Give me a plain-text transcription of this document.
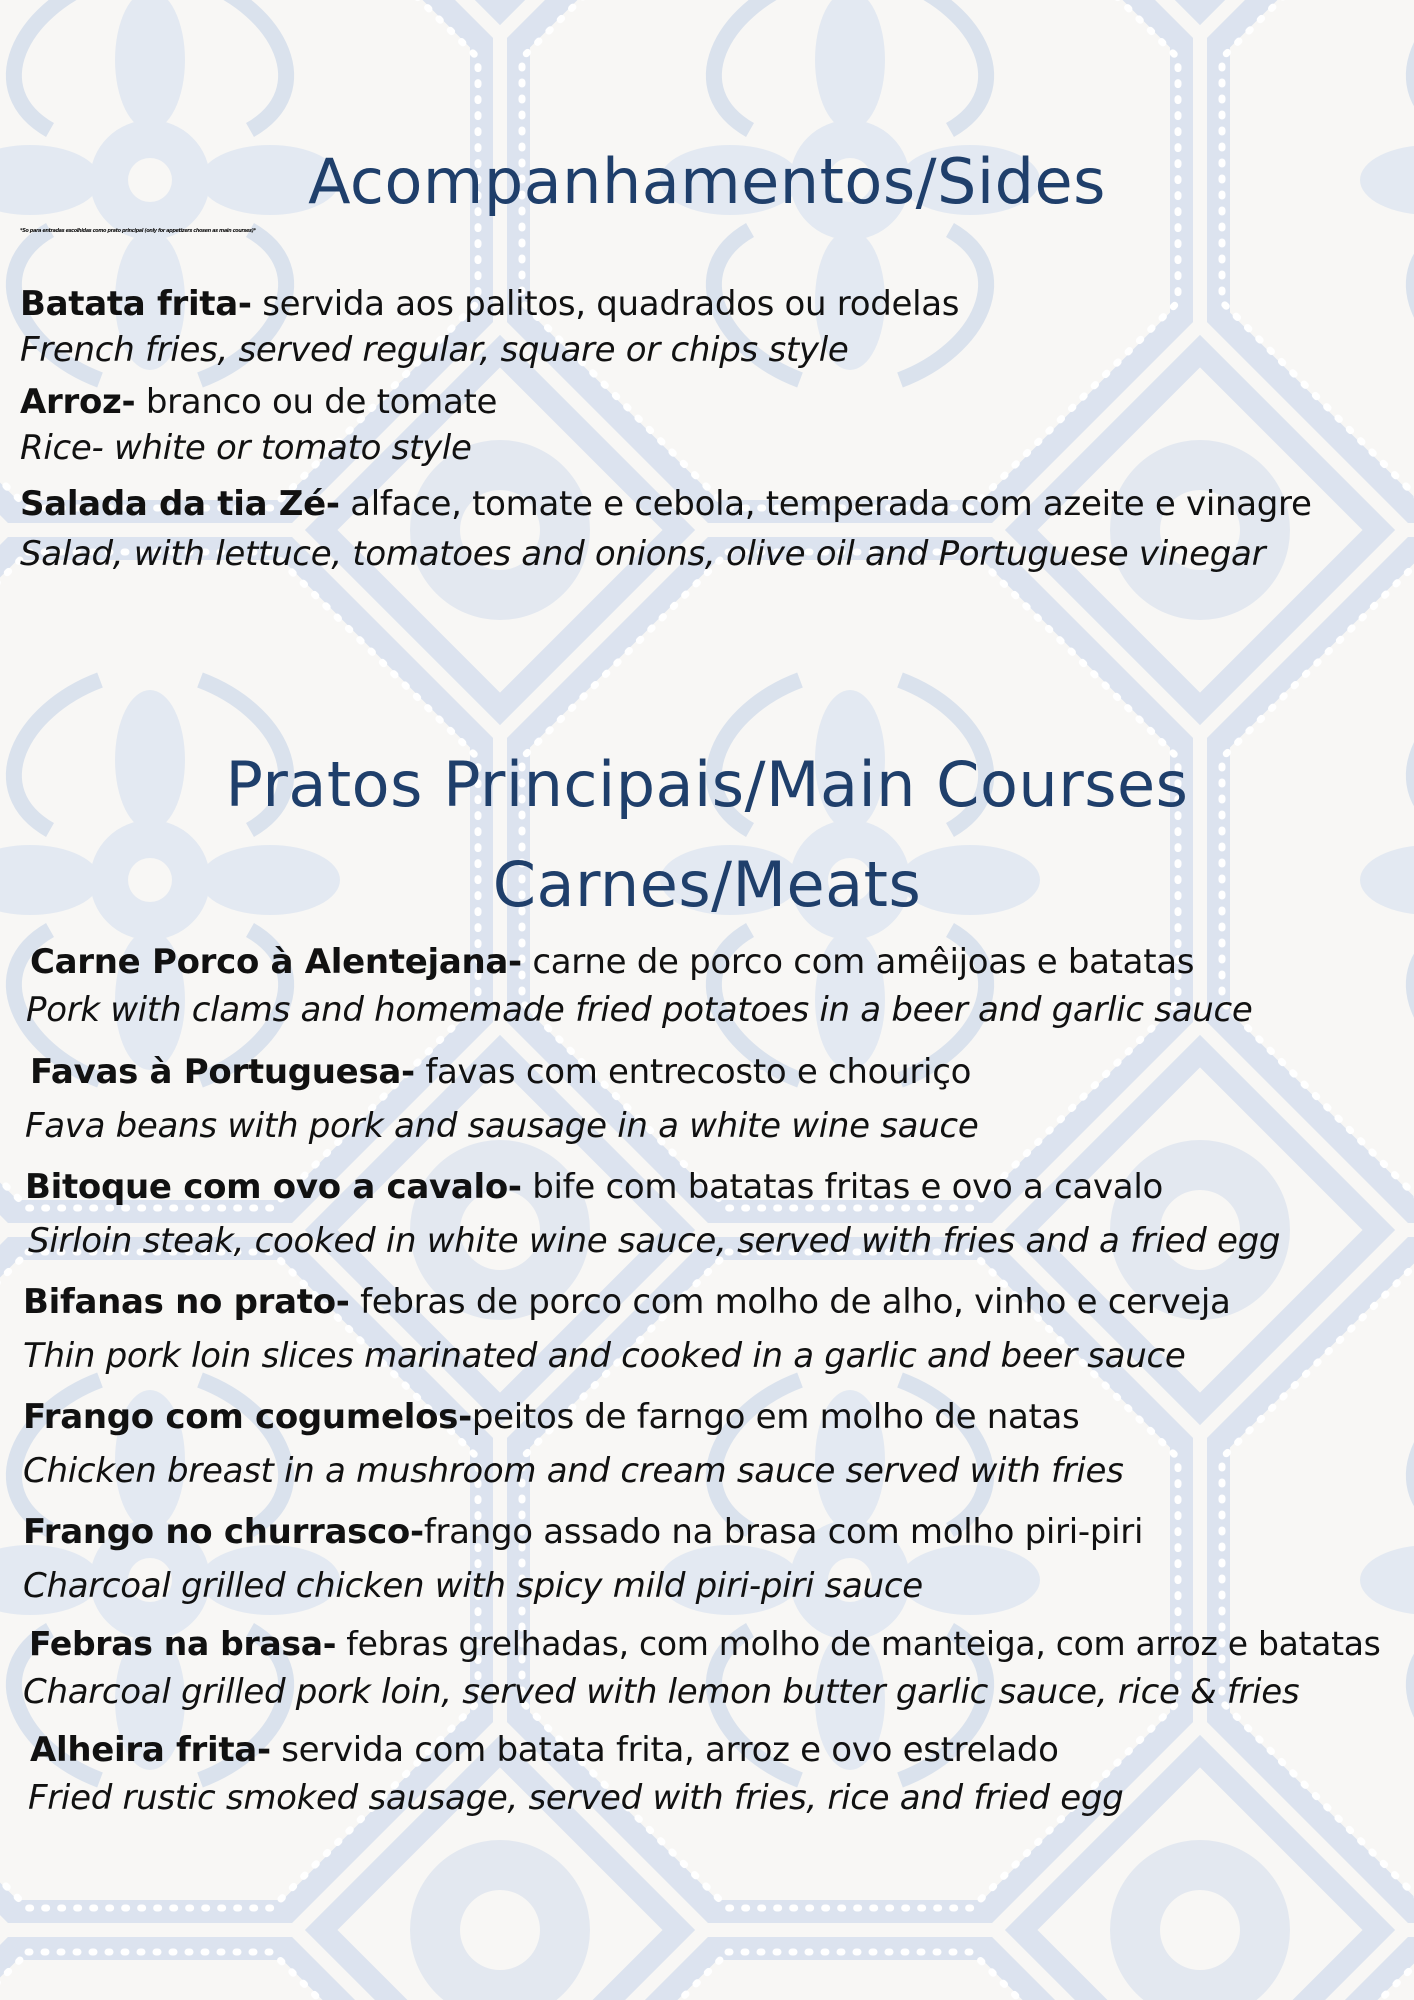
Acompanhamentos/Sides
*So para entradas escolhidas como prato principal (only for appetizers chosen as main courses)*
Batata frita- servida aos palitos, quadrados ou rodelas
French fries, served regular, square or chips style
Arroz- branco ou de tomate
Rice- white or tomato style
Salada da tia Zé- alface, tomate e cebola, temperada com azeite e vinagre
Salad, with lettuce, tomatoes and onions, olive oil and Portuguese vinegar
Pratos Principais/Main Courses
Carnes/Meats
Carne Porco à Alentejana- carne de porco com amêijoas e batatas
Pork with clams and homemade fried potatoes in a beer and garlic sauce
Favas à Portuguesa- favas com entrecosto e chouriço
Fava beans with pork and sausage in a white wine sauce
Bitoque com ovo a cavalo- bife com batatas fritas e ovo a cavalo
Sirloin steak, cooked in white wine sauce, served with fries and a fried egg
Bifanas no prato- febras de porco com molho de alho, vinho e cerveja
Thin pork loin slices marinated and cooked in a garlic and beer sauce
Frango com cogumelos-peitos de farngo em molho de natas
Chicken breast in a mushroom and cream sauce served with fries
Frango no churrasco-frango assado na brasa com molho piri-piri
Charcoal grilled chicken with spicy mild piri-piri sauce
Febras na brasa- febras grelhadas, com molho de manteiga, com arroz e batatas
Charcoal grilled pork loin, served with lemon butter garlic sauce, rice & fries
Alheira frita- servida com batata frita, arroz e ovo estrelado
Fried rustic smoked sausage, served with fries, rice and fried egg
